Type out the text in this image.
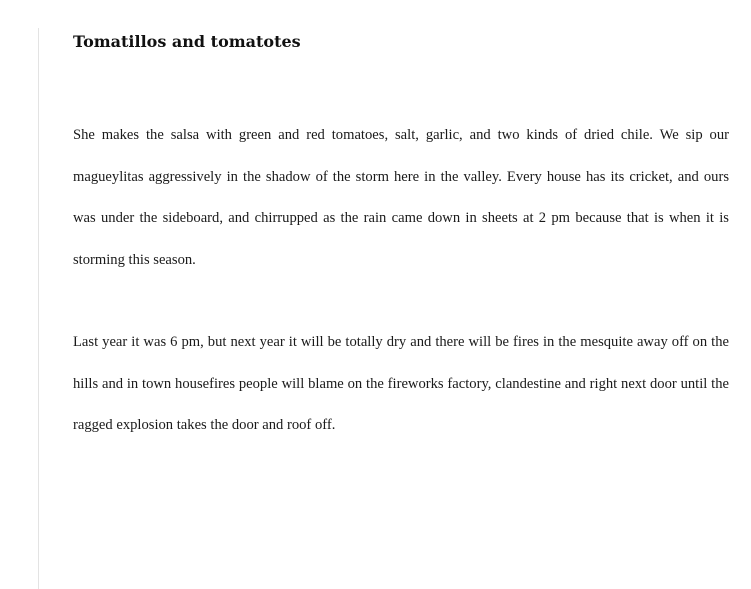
Tomatillos and tomatotes

She makes the salsa with green and red tomatoes, salt, garlic, and two kinds of dried chile. We sip our magueylitas aggressively in the shadow of the storm here in the valley. Every house has its cricket, and ours was under the sideboard, and chirrupped as the rain came down in sheets at 2 pm because that is when it is storming this season.

Last year it was 6 pm, but next year it will be totally dry and there will be fires in the mesquite away off on the hills and in town housefires people will blame on the fireworks factory, clandestine and right next door until the ragged explosion takes the door and roof off.
